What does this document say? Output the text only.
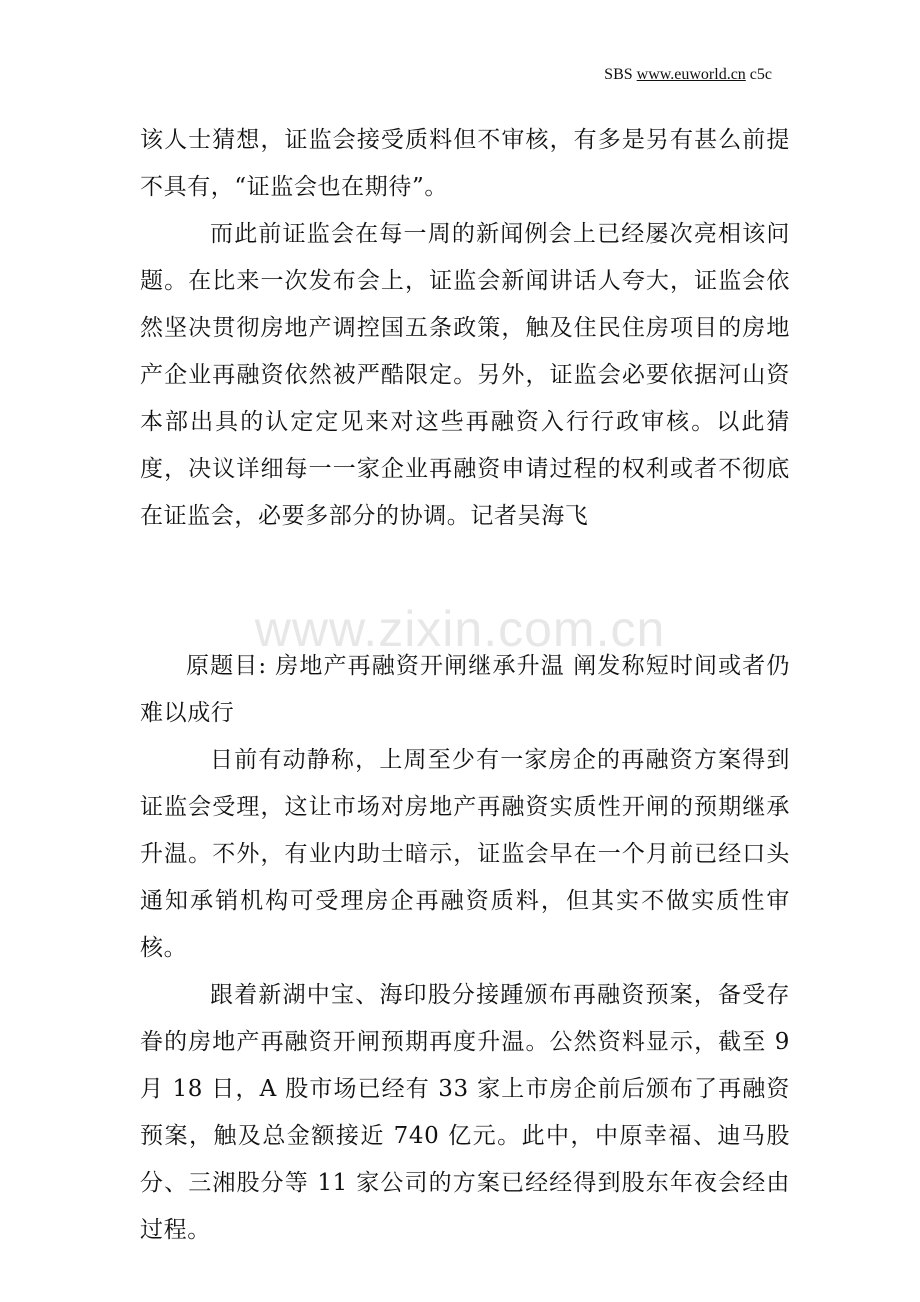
SBS www.euworld.cn c5c
www.zixin.com.cn

该人士猜想，证监会接受质料但不审核，有多是另有甚么前提不具有，“证监会也在期待”。

而此前证监会在每一周的新闻例会上已经屡次亮相该问题。在比来一次发布会上，证监会新闻讲话人夸大，证监会依然坚决贯彻房地产调控国五条政策，触及住民住房项目的房地产企业再融资依然被严酷限定。另外，证监会必要依据河山资本部出具的认定定见来对这些再融资入行行政审核。以此猜度，决议详细每一一家企业再融资申请过程的权利或者不彻底在证监会，必要多部分的协调。记者吴海飞

原题目: 房地产再融资开闸继承升温 阐发称短时间或者仍难以成行

日前有动静称，上周至少有一家房企的再融资方案得到证监会受理，这让市场对房地产再融资实质性开闸的预期继承升温。不外，有业内助士暗示，证监会早在一个月前已经口头通知承销机构可受理房企再融资质料，但其实不做实质性审核。

跟着新湖中宝、海印股分接踵颁布再融资预案，备受存眷的房地产再融资开闸预期再度升温。公然资料显示，截至 9 月 18 日，A 股市场已经有 33 家上市房企前后颁布了再融资预案，触及总金额接近 740 亿元。此中，中原幸福、迪马股分、三湘股分等 11 家公司的方案已经经得到股东年夜会经由过程。
